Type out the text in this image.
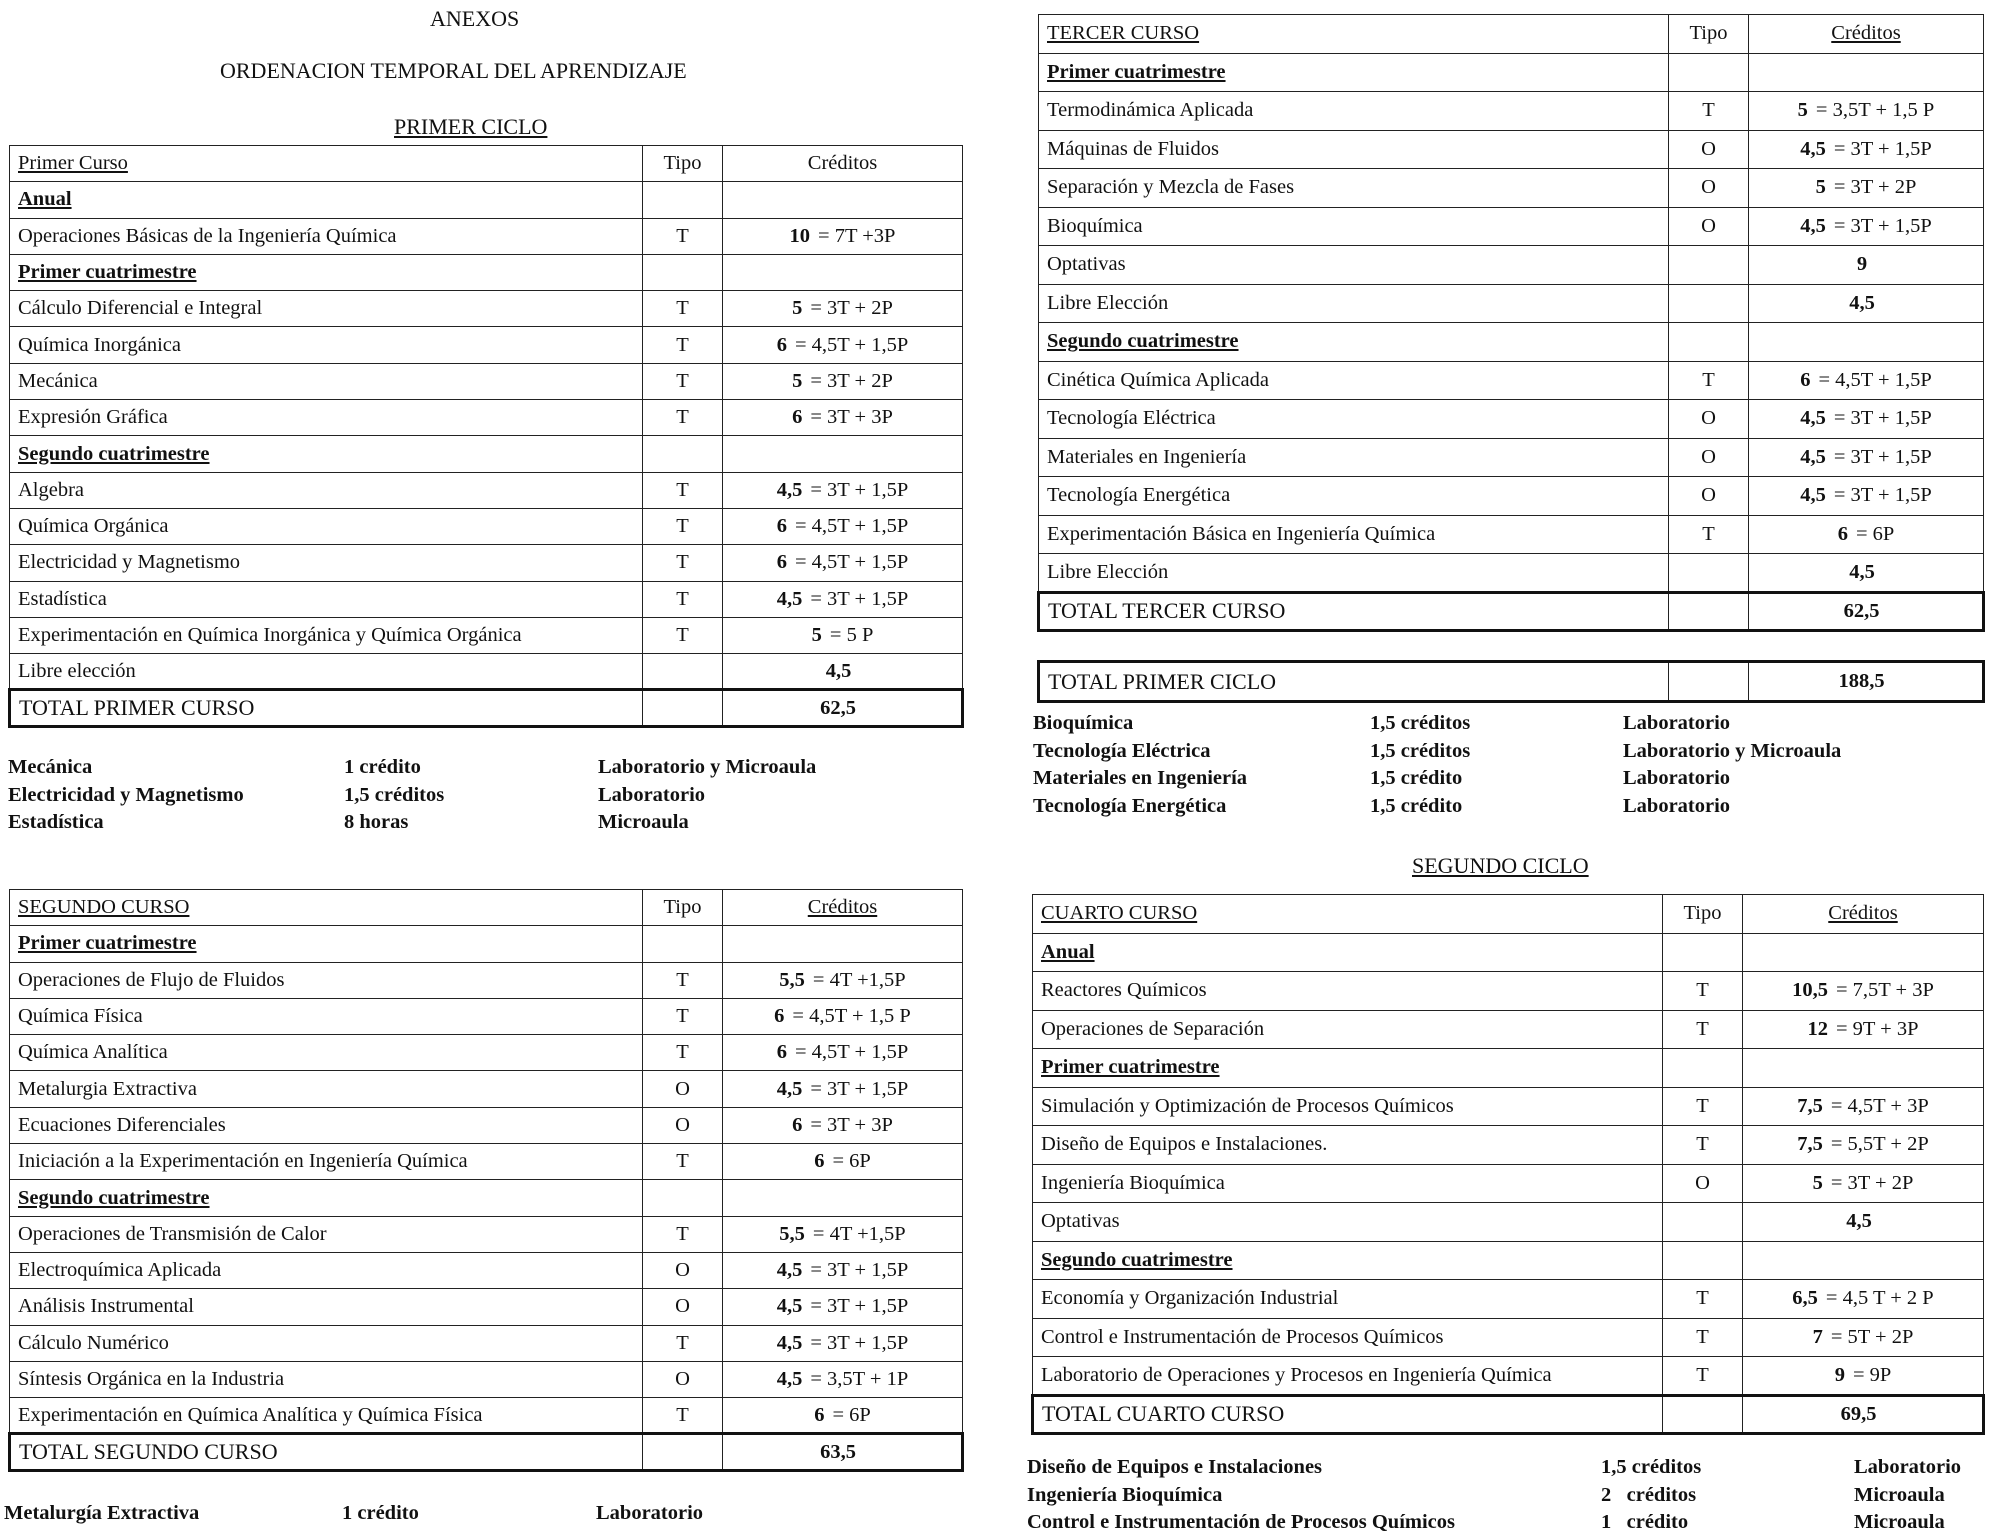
ANEXOS
ORDENACION TEMPORAL DEL APRENDIZAJE
PRIMER CICLO
SEGUNDO CICLO
Primer Curso	Tipo	Créditos
Anual		
Operaciones Básicas de la Ingeniería Química	T	10 = 7T +3P
Primer cuatrimestre		
Cálculo Diferencial e Integral	T	5 = 3T + 2P
Química Inorgánica	T	6 = 4,5T + 1,5P
Mecánica	T	5 = 3T + 2P
Expresión Gráfica	T	6 = 3T + 3P
Segundo cuatrimestre		
Algebra	T	4,5 = 3T + 1,5P
Química Orgánica	T	6 = 4,5T + 1,5P
Electricidad y Magnetismo	T	6 = 4,5T + 1,5P
Estadística	T	4,5 = 3T + 1,5P
Experimentación en Química Inorgánica y Química Orgánica	T	5 = 5 P
Libre elección		4,5
TOTAL PRIMER CURSO		62,5
SEGUNDO CURSO	Tipo	Créditos
Primer cuatrimestre		
Operaciones de Flujo de Fluidos	T	5,5 = 4T +1,5P
Química Física	T	6 = 4,5T + 1,5 P
Química Analítica	T	6 = 4,5T + 1,5P
Metalurgia Extractiva	O	4,5 = 3T + 1,5P
Ecuaciones Diferenciales	O	6 = 3T + 3P
Iniciación a la Experimentación en Ingeniería Química	T	6 = 6P
Segundo cuatrimestre		
Operaciones de Transmisión de Calor	T	5,5 = 4T +1,5P
Electroquímica Aplicada	O	4,5 = 3T + 1,5P
Análisis Instrumental	O	4,5 = 3T + 1,5P
Cálculo Numérico	T	4,5 = 3T + 1,5P
Síntesis Orgánica en la Industria	O	4,5 = 3,5T + 1P
Experimentación en Química Analítica y Química Física	T	6 = 6P
TOTAL SEGUNDO CURSO		63,5
TERCER CURSO	Tipo	Créditos
Primer cuatrimestre		
Termodinámica Aplicada	T	5 = 3,5T + 1,5 P
Máquinas de Fluidos	O	4,5 = 3T + 1,5P
Separación y Mezcla de Fases	O	5 = 3T + 2P
Bioquímica	O	4,5 = 3T + 1,5P
Optativas		9
Libre Elección		4,5
Segundo cuatrimestre		
Cinética Química Aplicada	T	6 = 4,5T + 1,5P
Tecnología Eléctrica	O	4,5 = 3T + 1,5P
Materiales en Ingeniería	O	4,5 = 3T + 1,5P
Tecnología Energética	O	4,5 = 3T + 1,5P
Experimentación Básica en Ingeniería Química	T	6 = 6P
Libre Elección		4,5
TOTAL TERCER CURSO		62,5
TOTAL PRIMER CICLO		188,5
CUARTO CURSO	Tipo	Créditos
Anual		
Reactores Químicos	T	10,5 = 7,5T + 3P
Operaciones de Separación	T	12 = 9T + 3P
Primer cuatrimestre		
Simulación y Optimización de Procesos Químicos	T	7,5 = 4,5T + 3P
Diseño de Equipos e Instalaciones.	T	7,5 = 5,5T + 2P
Ingeniería Bioquímica	O	5 = 3T + 2P
Optativas		4,5
Segundo cuatrimestre		
Economía y Organización Industrial	T	6,5 = 4,5 T + 2 P
Control e Instrumentación de Procesos Químicos	T	7 = 5T + 2P
Laboratorio de Operaciones y Procesos en Ingeniería Química	T	9 = 9P
TOTAL CUARTO CURSO		69,5
Mecánica	1 crédito	Laboratorio y Microaula
Electricidad y Magnetismo	1,5 créditos	Laboratorio
Estadística	8 horas	Microaula
Metalurgía Extractiva	1 crédito	Laboratorio
Bioquímica	1,5 créditos	Laboratorio
Tecnología Eléctrica	1,5 créditos	Laboratorio y Microaula
Materiales en Ingeniería	1,5 crédito	Laboratorio
Tecnología Energética	1,5 crédito	Laboratorio
Diseño de Equipos e Instalaciones	1,5 créditos	Laboratorio
Ingeniería Bioquímica	2   créditos	Microaula
Control e Instrumentación de Procesos Químicos	1   crédito	Microaula
